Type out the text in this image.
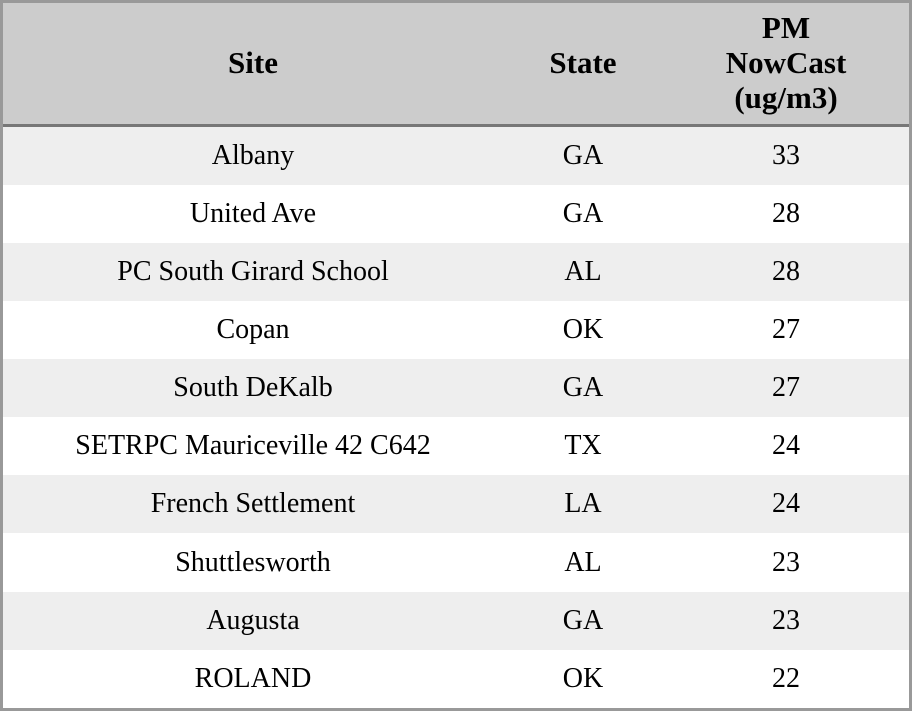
Site	State	PM
NowCast
(ug/m3)

Albany	GA	33
United Ave	GA	28
PC South Girard School	AL	28
Copan	OK	27
South DeKalb	GA	27
SETRPC Mauriceville 42 C642	TX	24
French Settlement	LA	24
Shuttlesworth	AL	23
Augusta	GA	23
ROLAND	OK	22
